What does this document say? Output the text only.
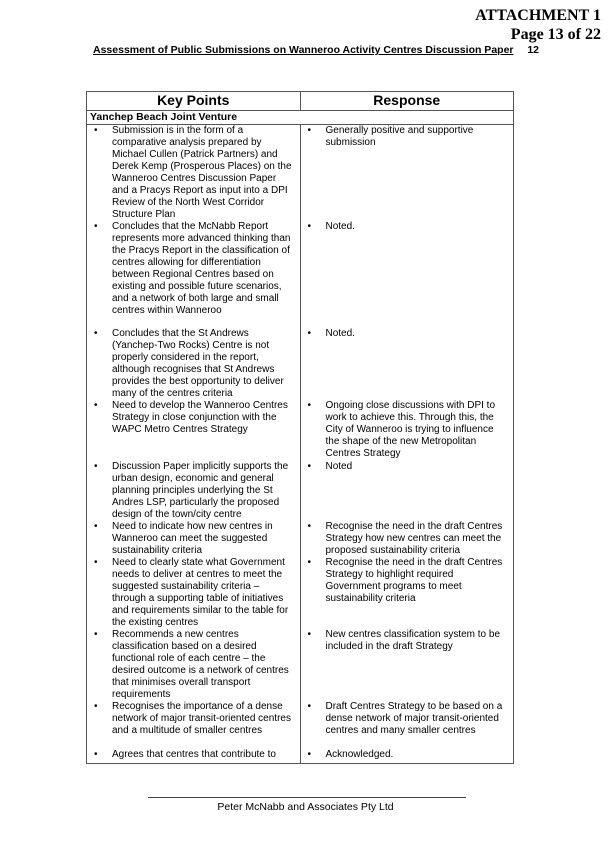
ATTACHMENT 1
Page 13 of 22
Assessment of Public Submissions on Wanneroo Activity Centres Discussion Paper 12
Key Points	Response
Yanchep Beach Joint Venture	

• Submission is in the form of a comparative analysis prepared by Michael Cullen (Patrick Partners) and Derek Kemp (Prosperous Places) on the Wanneroo Centres Discussion Paper and a Pracys Report as input into a DPI Review of the North West Corridor Structure Plan	• Generally positive and supportive submission

• Concludes that the McNabb Report represents more advanced thinking than the Pracys Report in the classification of centres allowing for differentiation between Regional Centres based on existing and possible future scenarios, and a network of both large and small centres within Wanneroo	• Noted.

• Concludes that the St Andrews (Yanchep-Two Rocks) Centre is not properly considered in the report, although recognises that St Andrews provides the best opportunity to deliver many of the centres criteria	• Noted.

• Need to develop the Wanneroo Centres Strategy in close conjunction with the WAPC Metro Centres Strategy	• Ongoing close discussions with DPI to work to achieve this. Through this, the City of Wanneroo is trying to influence the shape of the new Metropolitan Centres Strategy

• Discussion Paper implicitly supports the urban design, economic and general planning principles underlying the St Andres LSP, particularly the proposed design of the town/city centre	• Noted

• Need to indicate how new centres in Wanneroo can meet the suggested sustainability criteria	• Recognise the need in the draft Centres Strategy how new centres can meet the proposed sustainability criteria

• Need to clearly state what Government needs to deliver at centres to meet the suggested sustainability criteria – through a supporting table of initiatives and requirements similar to the table for the existing centres	• Recognise the need in the draft Centres Strategy to highlight required Government programs to meet sustainability criteria

• Recommends a new centres classification based on a desired functional role of each centre – the desired outcome is a network of centres that minimises overall transport requirements	• New centres classification system to be included in the draft Strategy

• Recognises the importance of a dense network of major transit-oriented centres and a multitude of smaller centres	• Draft Centres Strategy to be based on a dense network of major transit-oriented centres and many smaller centres

• Agrees that centres that contribute to	• Acknowledged.
Peter McNabb and Associates Pty Ltd
